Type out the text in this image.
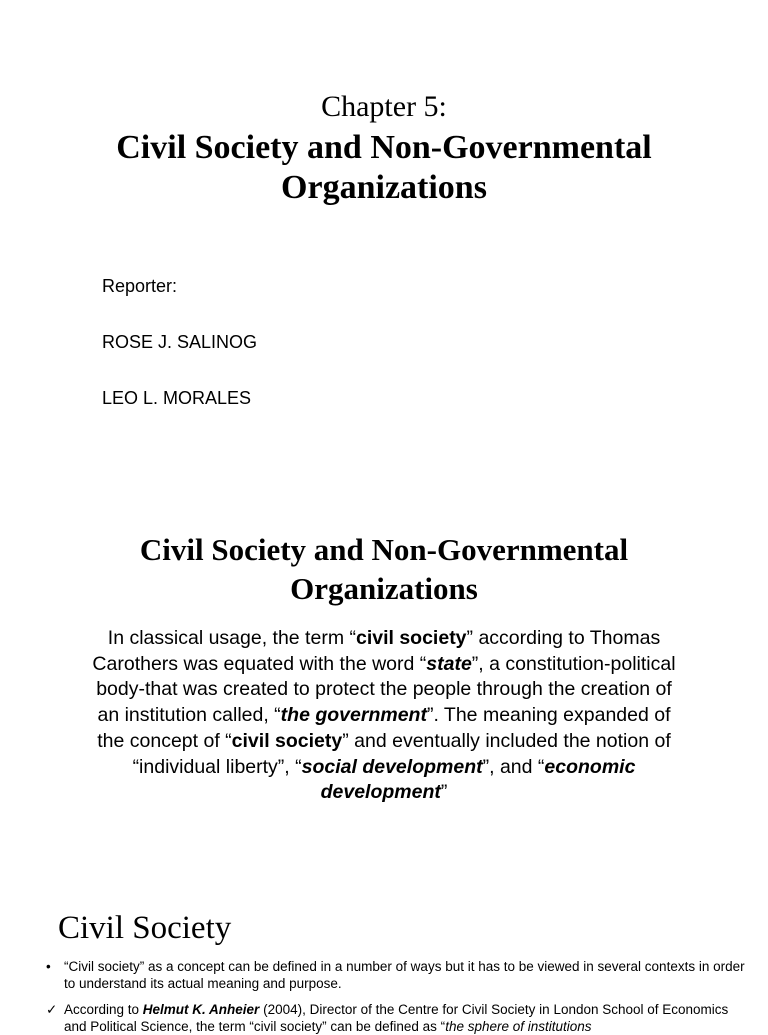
Chapter 5:
Civil Society and Non-Governmental
Organizations
Reporter:
ROSE J. SALINOG
LEO L. MORALES
Civil Society and Non-Governmental
Organizations
In classical usage, the term “civil society” according to Thomas Carothers was equated with the word “state”, a constitution-political body-that was created to protect the people through the creation of an institution called, “the government”. The meaning expanded of the concept of “civil society” and eventually included the notion of “individual liberty”, “social development”, and “economic development”
Civil Society
• “Civil society” as a concept can be defined in a number of ways but it has to be viewed in several contexts in order to understand its actual meaning and purpose.
✓ According to Helmut K. Anheier (2004), Director of the Centre for Civil Society in London School of Economics and Political Science, the term “civil society” can be defined as “the sphere of institutions
